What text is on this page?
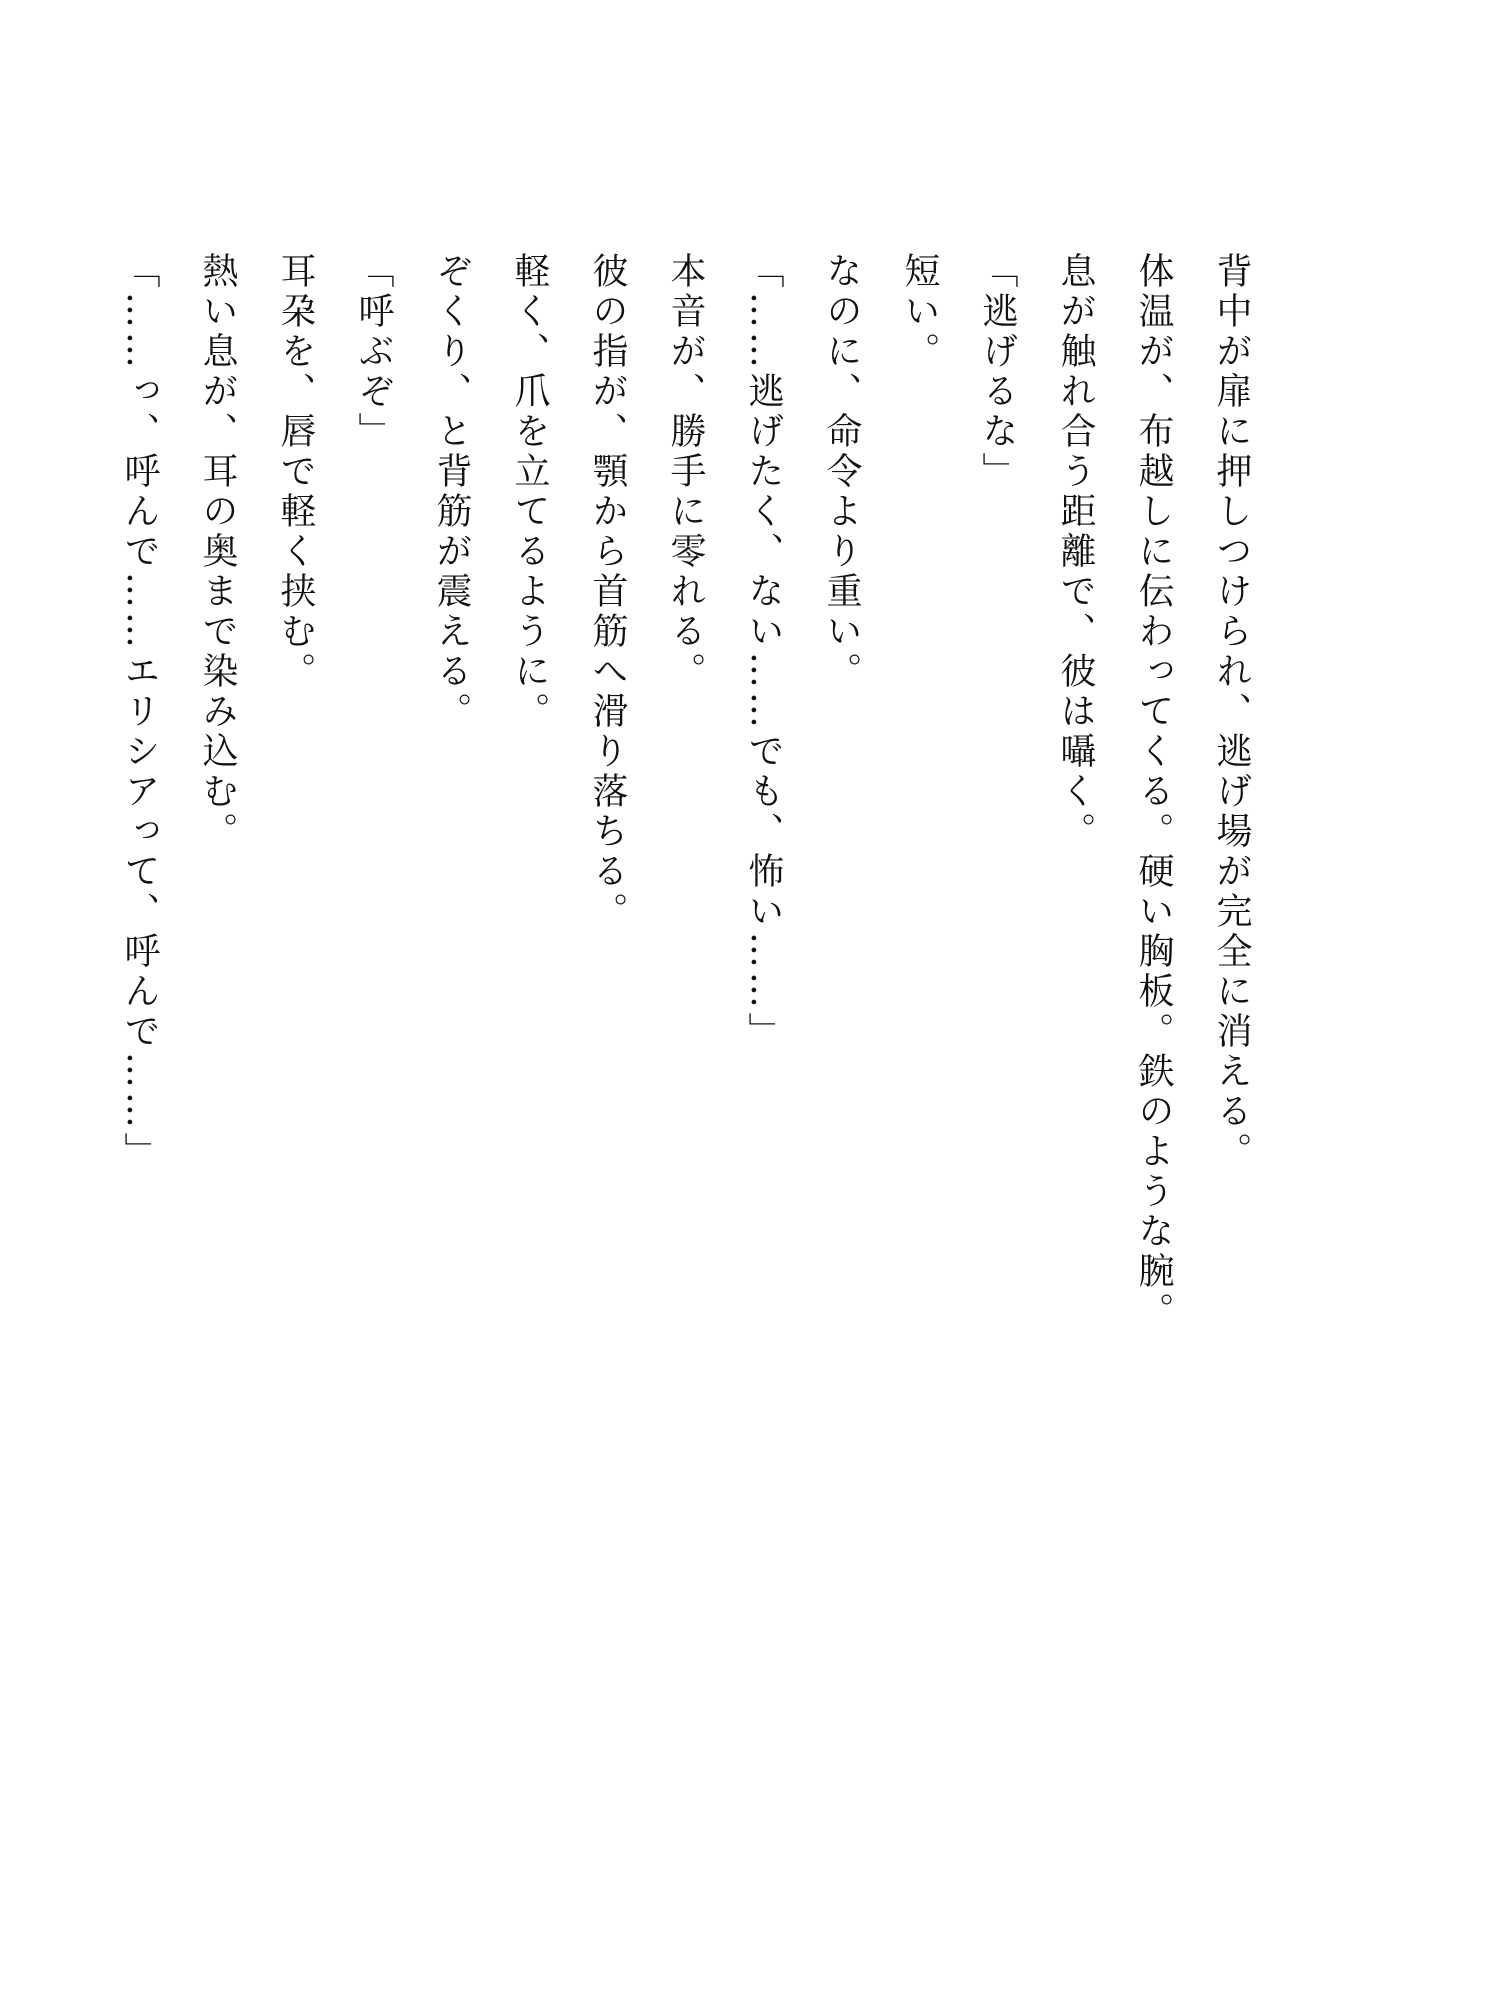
背中が扉に押しつけられ、逃げ場が完全に消える。

体温が、布越しに伝わってくる。硬い胸板。鉄のような腕。

息が触れ合う距離で、彼は囁く。

「逃げるな」

短い。

なのに、命令より重い。

「……逃げたく、ない……でも、怖い……」

本音が、勝手に零れる。

彼の指が、顎から首筋へ滑り落ちる。

軽く、爪を立てるように。

ぞくり、と背筋が震える。

「呼ぶぞ」

耳朶を、唇で軽く挟む。

熱い息が、耳の奥まで染み込む。

「……っ、呼んで……エリシアって、呼んで……」
